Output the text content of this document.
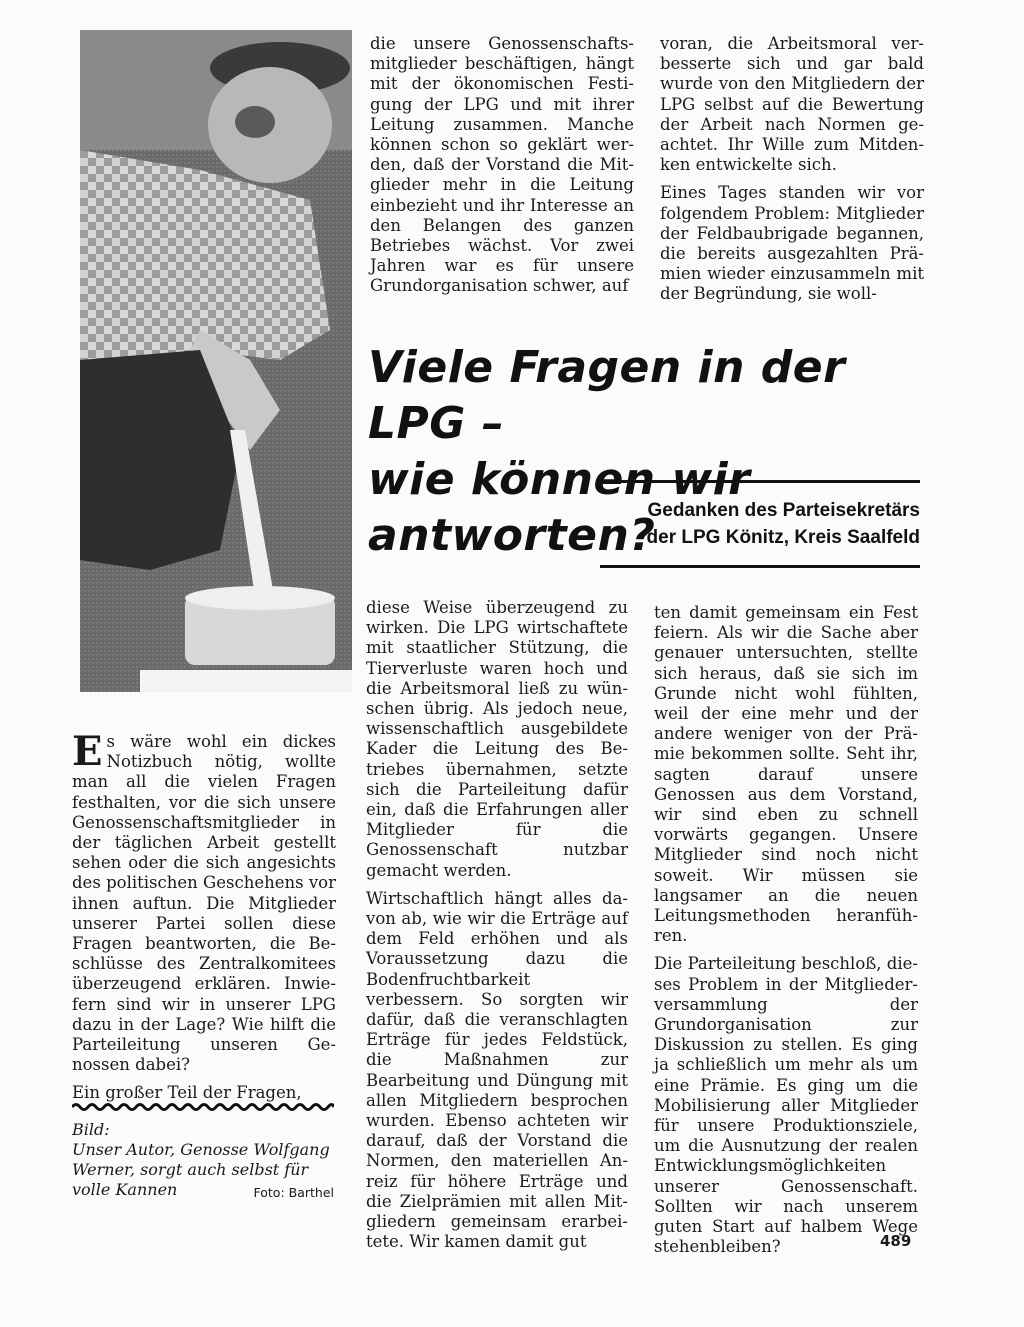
die unsere Genossenschaftsmitglieder beschäftigen, hängt mit der ökonomischen Festigung der LPG und mit ihrer Leitung zusammen. Manche können schon so geklärt werden, daß der Vorstand die Mitglieder mehr in die Leitung einbezieht und ihr Interesse an den Belangen des ganzen Betriebes wächst. Vor zwei Jahren war es für unsere Grundorganisation schwer, auf

voran, die Arbeitsmoral verbesserte sich und gar bald wurde von den Mitgliedern der LPG selbst auf die Bewertung der Arbeit nach Normen geachtet. Ihr Wille zum Mitdenken entwickelte sich.

Eines Tages standen wir vor folgendem Problem: Mitglieder der Feldbaubrigade begannen, die bereits ausgezahlten Prämien wieder einzusammeln mit der Begründung, sie woll-

Viele Fragen in der LPG –
wie können wir antworten?
Gedanken des Parteisekretärs
der LPG Könitz, Kreis Saalfeld

Es wäre wohl ein dickes Notizbuch nötig, wollte man all die vielen Fragen festhalten, vor die sich unsere Genossenschaftsmitglieder in der täglichen Arbeit gestellt sehen oder die sich angesichts des politischen Geschehens vor ihnen auftun. Die Mitglieder unserer Partei sollen diese Fragen beantworten, die Beschlüsse des Zentralkomitees überzeugend erklären. Inwiefern sind wir in unserer LPG dazu in der Lage? Wie hilft die Parteileitung unseren Genossen dabei?

Ein großer Teil der Fragen,

Bild:
Unser Autor, Genosse Wolfgang Werner, sorgt auch selbst für volle Kannen	Foto: Barthel

diese Weise überzeugend zu wirken. Die LPG wirtschaftete mit staatlicher Stützung, die Tierverluste waren hoch und die Arbeitsmoral ließ zu wünschen übrig. Als jedoch neue, wissenschaftlich ausgebildete Kader die Leitung des Betriebes übernahmen, setzte sich die Parteileitung dafür ein, daß die Erfahrungen aller Mitglieder für die Genossenschaft nutzbar gemacht werden.

Wirtschaftlich hängt alles davon ab, wie wir die Erträge auf dem Feld erhöhen und als Voraussetzung dazu die Bodenfruchtbarkeit verbessern. So sorgten wir dafür, daß die veranschlagten Erträge für jedes Feldstück, die Maßnahmen zur Bearbeitung und Düngung mit allen Mitgliedern besprochen wurden. Ebenso achteten wir darauf, daß der Vorstand die Normen, den materiellen Anreiz für höhere Erträge und die Zielprämien mit allen Mitgliedern gemeinsam erarbeitete. Wir kamen damit gut

ten damit gemeinsam ein Fest feiern. Als wir die Sache aber genauer untersuchten, stellte sich heraus, daß sie sich im Grunde nicht wohl fühlten, weil der eine mehr und der andere weniger von der Prämie bekommen sollte. Seht ihr, sagten darauf unsere Genossen aus dem Vorstand, wir sind eben zu schnell vorwärts gegangen. Unsere Mitglieder sind noch nicht soweit. Wir müssen sie langsamer an die neuen Leitungsmethoden heranführen.

Die Parteileitung beschloß, dieses Problem in der Mitgliederversammlung der Grundorganisation zur Diskussion zu stellen. Es ging ja schließlich um mehr als um eine Prämie. Es ging um die Mobilisierung aller Mitglieder für unsere Produktionsziele, um die Ausnutzung der realen Entwicklungsmöglichkeiten unserer Genossenschaft. Sollten wir nach unserem guten Start auf halbem Wege stehenbleiben?	489
